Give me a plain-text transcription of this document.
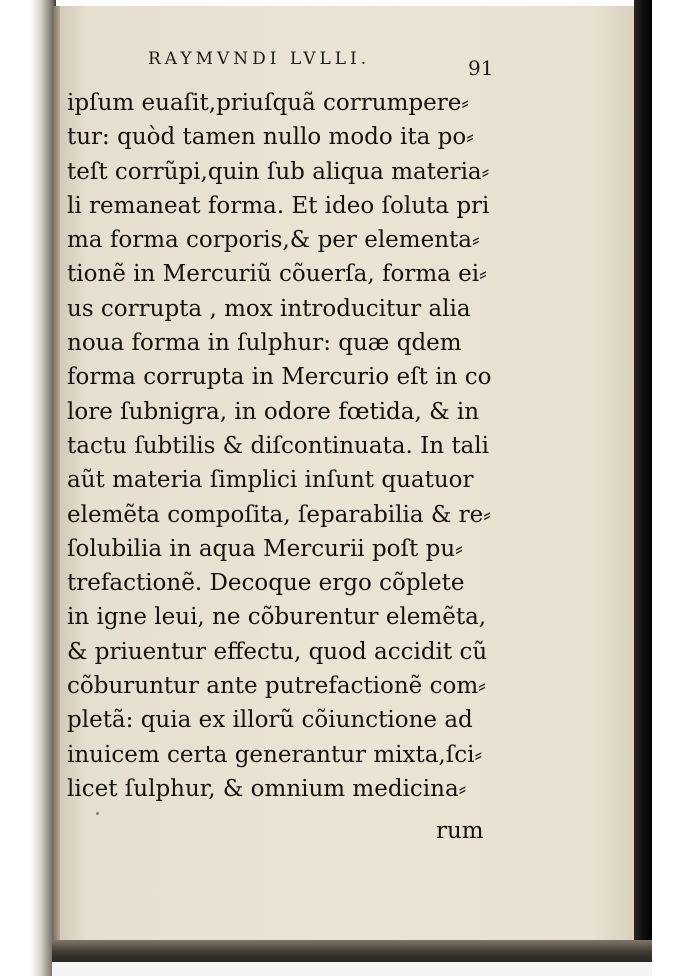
RAYMVNDI LVLLI.	91
ipſum euaſit,priuſquã corrumpere⸗
tur: quòd tamen nullo modo ita po⸗
teſt corrũpi,quin ſub aliqua materia⸗
li remaneat forma. Et ideo ſoluta pri
ma forma corporis,& per elementa⸗
tionẽ in Mercuriũ cõuerſa, forma ei⸗
us corrupta , mox introducitur alia
noua forma in ſulphur: quæ qdem
forma corrupta in Mercurio eſt in co
lore ſubnigra, in odore fœtida, & in
tactu ſubtilis & diſcontinuata. In tali
aũt materia ſimplici inſunt quatuor
elemẽta compoſita, ſeparabilia & re⸗
ſolubilia in aqua Mercurii poſt pu⸗
trefactionẽ. Decoque ergo cõplete
in igne leui, ne cõburentur elemẽta,
& priuentur effectu, quod accidit cũ
cõburuntur ante putrefactionẽ com⸗
pletã: quia ex illorũ cõiunctione ad
inuicem certa generantur mixta,ſci⸗
licet ſulphur, & omnium medicina⸗
rum
